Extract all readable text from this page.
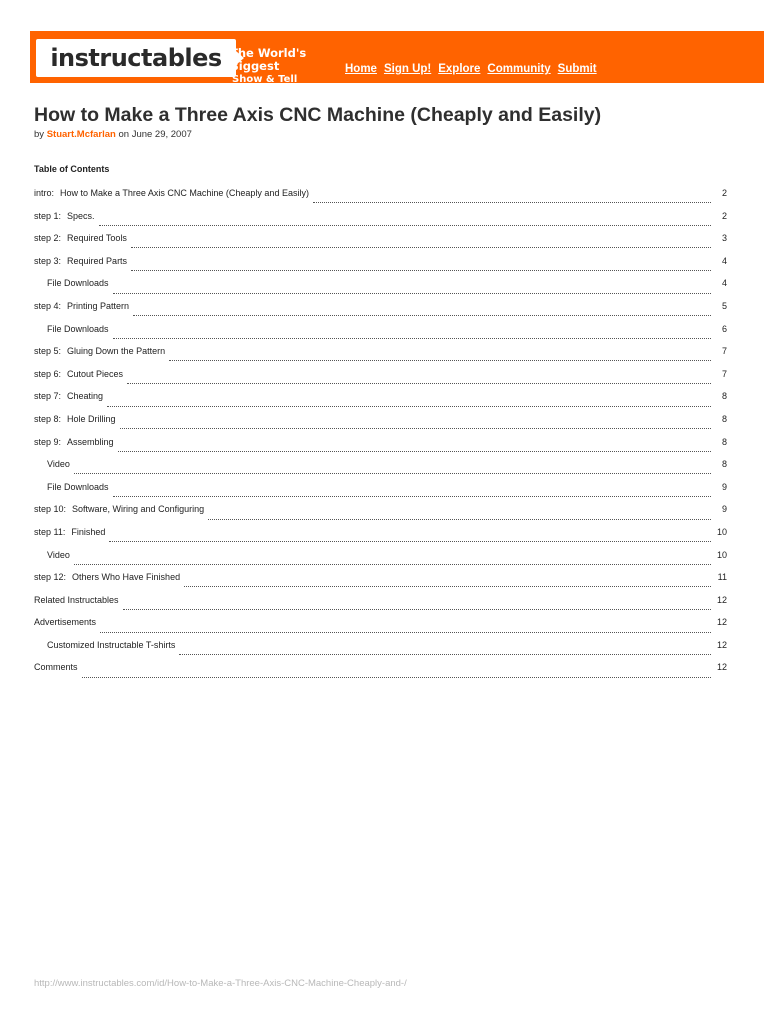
instructables The World's Biggest
Show & Tell
Home Sign Up! Explore Community Submit
How to Make a Three Axis CNC Machine (Cheaply and Easily)
by Stuart.Mcfarlan on June 29, 2007
Table of Contents
intro: How to Make a Three Axis CNC Machine (Cheaply and Easily)	2
step 1: Specs.	2
step 2: Required Tools	3
step 3: Required Parts	4
File Downloads	4
step 4: Printing Pattern	5
File Downloads	6
step 5: Gluing Down the Pattern	7
step 6: Cutout Pieces	7
step 7: Cheating	8
step 8: Hole Drilling	8
step 9: Assembling	8
Video	8
File Downloads	9
step 10: Software, Wiring and Configuring	9
step 11: Finished	10
Video	10
step 12: Others Who Have Finished	11
Related Instructables	12
Advertisements	12
Customized Instructable T-shirts	12
Comments	12
http://www.instructables.com/id/How-to-Make-a-Three-Axis-CNC-Machine-Cheaply-and-/
